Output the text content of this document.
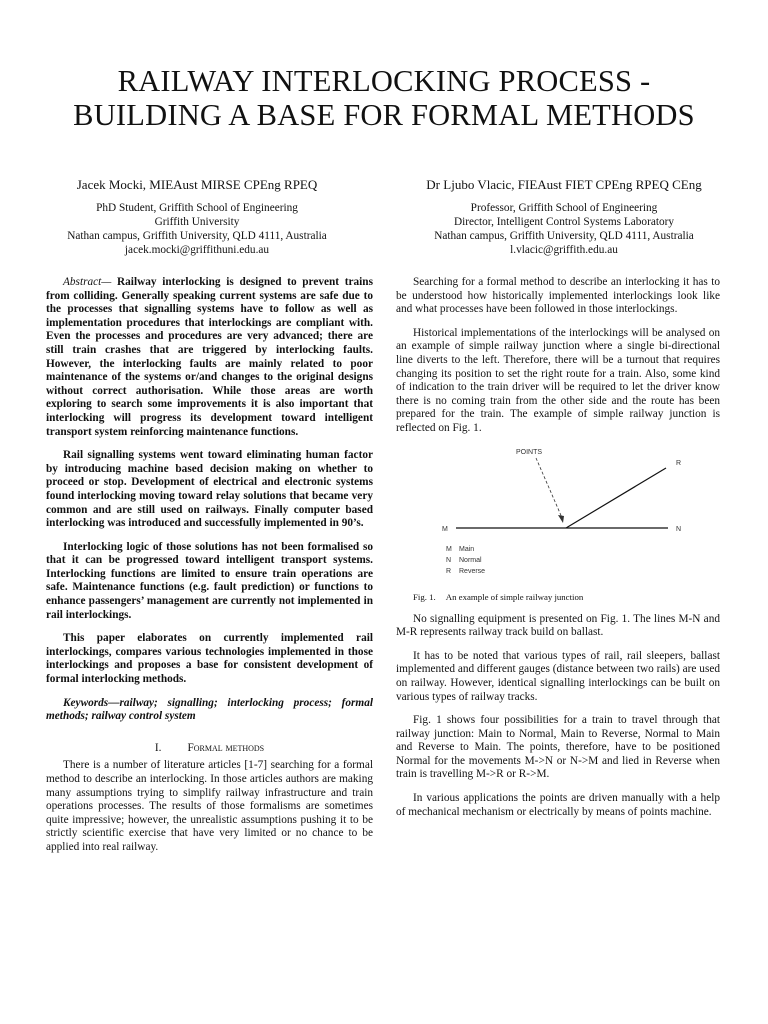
RAILWAY INTERLOCKING PROCESS -
BUILDING A BASE FOR FORMAL METHODS
Jacek Mocki, MIEAust MIRSE CPEng RPEQ
PhD Student, Griffith School of Engineering
Griffith University
Nathan campus, Griffith University, QLD 4111, Australia
jacek.mocki@griffithuni.edu.au
Dr Ljubo Vlacic, FIEAust FIET CPEng RPEQ CEng
Professor, Griffith School of Engineering
Director, Intelligent Control Systems Laboratory
Nathan campus, Griffith University, QLD 4111, Australia
l.vlacic@griffith.edu.au

Abstract— Railway interlocking is designed to prevent trains from colliding. Generally speaking current systems are safe due to the processes that signalling systems have to follow as well as implementation procedures that interlockings are compliant with. Even the processes and procedures are very advanced; there are still train crashes that are triggered by interlocking faults. However, the interlocking faults are mainly related to poor maintenance of the systems or/and changes to the original designs without correct authorisation. While those areas are worth exploring to search some improvements it is also important that interlocking will progress its development toward intelligent transport system reinforcing maintenance functions.

Rail signalling systems went toward eliminating human factor by introducing machine based decision making on whether to proceed or stop. Development of electrical and electronic systems found interlocking moving toward relay solutions that became very common and are still used on railways. Finally computer based interlocking was introduced and successfully implemented in 90’s.

Interlocking logic of those solutions has not been formalised so that it can be progressed toward intelligent transport systems. Interlocking functions are limited to ensure train operations are safe. Maintenance functions (e.g. fault prediction) or functions to enhance passengers’ management are currently not implemented in rail interlockings.

This paper elaborates on currently implemented rail interlockings, compares various technologies implemented in those interlockings and proposes a base for consistent development of formal interlocking methods.

Keywords—railway; signalling; interlocking process; formal methods; railway control system

I. Formal methods

There is a number of literature articles [1-7] searching for a formal method to describe an interlocking. In those articles authors are making many assumptions trying to simplify railway infrastructure and train operations processes. The results of those formalisms are sometimes quite impressive; however, the unrealistic assumptions pushing it to be strictly scientific exercise that have very limited or no chance to be applied into real railway.

Searching for a formal method to describe an interlocking it has to be understood how historically implemented interlockings look like and what processes have been followed in those interlockings.

Historical implementations of the interlockings will be analysed on an example of simple railway junction where a single bi-directional line diverts to the left. Therefore, there will be a turnout that requires changing its position to set the right route for a train. Also, some kind of indication to the train driver will be required to let the driver know there is no coming train from the other side and the route has been prepared for the train. The example of simple railway junction is reflected on Fig. 1.

POINTS
M	N
R
M Main
N Normal
R Reverse

Fig. 1. An example of simple railway junction

No signalling equipment is presented on Fig. 1. The lines M-N and M-R represents railway track build on ballast.

It has to be noted that various types of rail, rail sleepers, ballast implemented and different gauges (distance between two rails) are used on railway. However, identical signalling interlockings can be built on various types of railway tracks.

Fig. 1 shows four possibilities for a train to travel through that railway junction: Main to Normal, Main to Reverse, Normal to Main and Reverse to Main. The points, therefore, have to be positioned Normal for the movements M->N or N->M and lied in Reverse when train is travelling M->R or R->M.

In various applications the points are driven manually with a help of mechanical mechanism or electrically by means of points machine.
